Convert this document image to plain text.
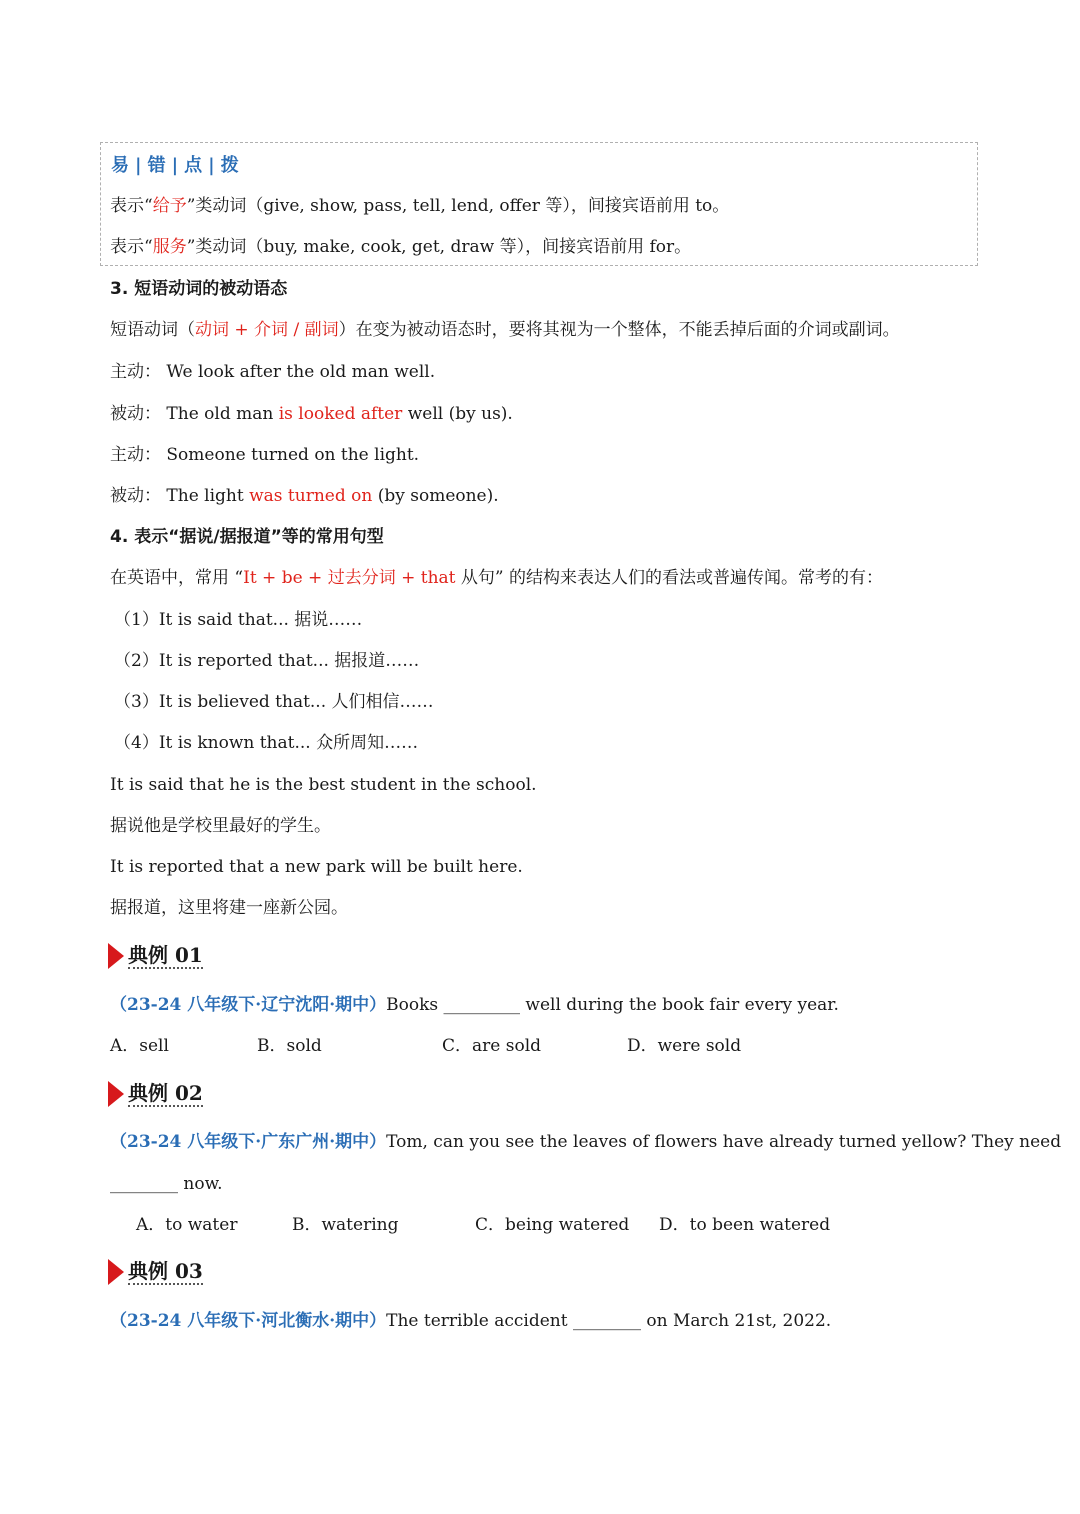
易 | 错 | 点 | 拨
表示“给予”类动词（give, show, pass, tell, lend, offer 等），间接宾语前用 to。
表示“服务”类动词（buy, make, cook, get, draw 等），间接宾语前用 for。
3. 短语动词的被动语态
短语动词（动词 + 介词 / 副词）在变为被动语态时，要将其视为一个整体，不能丢掉后面的介词或副词。
主动： We look after the old man well.
被动： The old man is looked after well (by us).
主动： Someone turned on the light.
被动： The light was turned on (by someone).
4. 表示“据说/据报道”等的常用句型
在英语中，常用 “It + be + 过去分词 + that 从句” 的结构来表达人们的看法或普遍传闻。常考的有：
（1）It is said that... 据说……
（2）It is reported that... 据报道……
（3）It is believed that... 人们相信……
（4）It is known that... 众所周知……
It is said that he is the best student in the school.
据说他是学校里最好的学生。
It is reported that a new park will be built here.
据报道，这里将建一座新公园。
典例 01
（23-24 八年级下·辽宁沈阳·期中）Books _________ well during the book fair every year.
A．sell	B．sold	C．are sold	D．were sold
典例 02
（23-24 八年级下·广东广州·期中）Tom, can you see the leaves of flowers have already turned yellow? They need
________ now.
A．to water	B．watering	C．being watered D．to been watered
典例 03
（23-24 八年级下·河北衡水·期中）The terrible accident ________ on March 21st, 2022.
